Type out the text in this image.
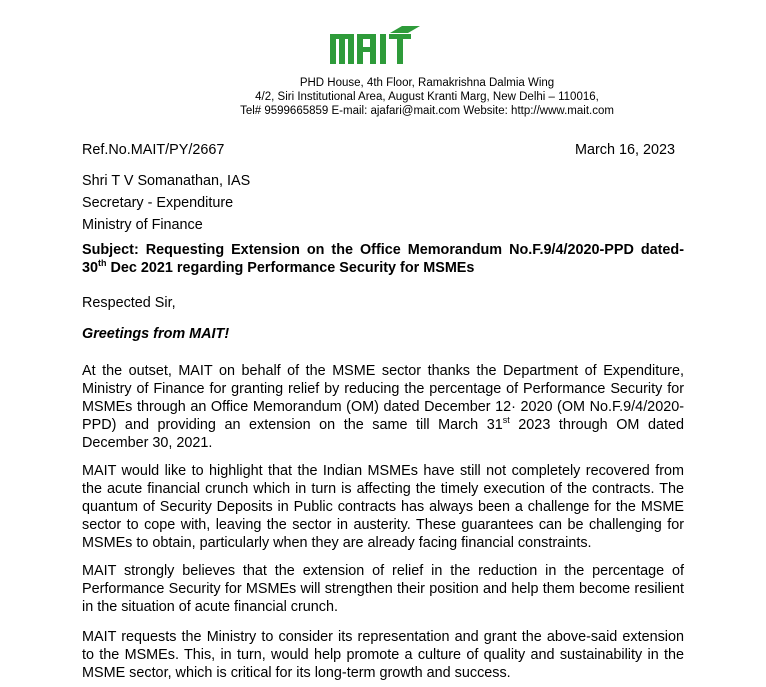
PHD House, 4th Floor, Ramakrishna Dalmia Wing
4/2, Siri Institutional Area, August Kranti Marg, New Delhi – 110016,
Tel# 9599665859 E-mail: ajafari@mait.com Website: http://www.mait.com
Ref.No.MAIT/PY/2667	March 16, 2023
Shri T V Somanathan, IAS
Secretary - Expenditure
Ministry of Finance
Subject: Requesting Extension on the Office Memorandum No.F.9/4/2020-PPD dated-
30th Dec 2021 regarding Performance Security for MSMEs
Respected Sir,
Greetings from MAIT!
At the outset, MAIT on behalf of the MSME sector thanks the Department of Expenditure,
Ministry of Finance for granting relief by reducing the percentage of Performance Security for
MSMEs through an Office Memorandum (OM) dated December 12· 2020 (OM No.F.9/4/2020-
PPD) and providing an extension on the same till March 31st 2023 through OM dated
December 30, 2021.
MAIT would like to highlight that the Indian MSMEs have still not completely recovered from
the acute financial crunch which in turn is affecting the timely execution of the contracts. The
quantum of Security Deposits in Public contracts has always been a challenge for the MSME
sector to cope with, leaving the sector in austerity. These guarantees can be challenging for
MSMEs to obtain, particularly when they are already facing financial constraints.
MAIT strongly believes that the extension of relief in the reduction in the percentage of
Performance Security for MSMEs will strengthen their position and help them become resilient
in the situation of acute financial crunch.
MAIT requests the Ministry to consider its representation and grant the above-said extension
to the MSMEs. This, in turn, would help promote a culture of quality and sustainability in the
MSME sector, which is critical for its long-term growth and success.
